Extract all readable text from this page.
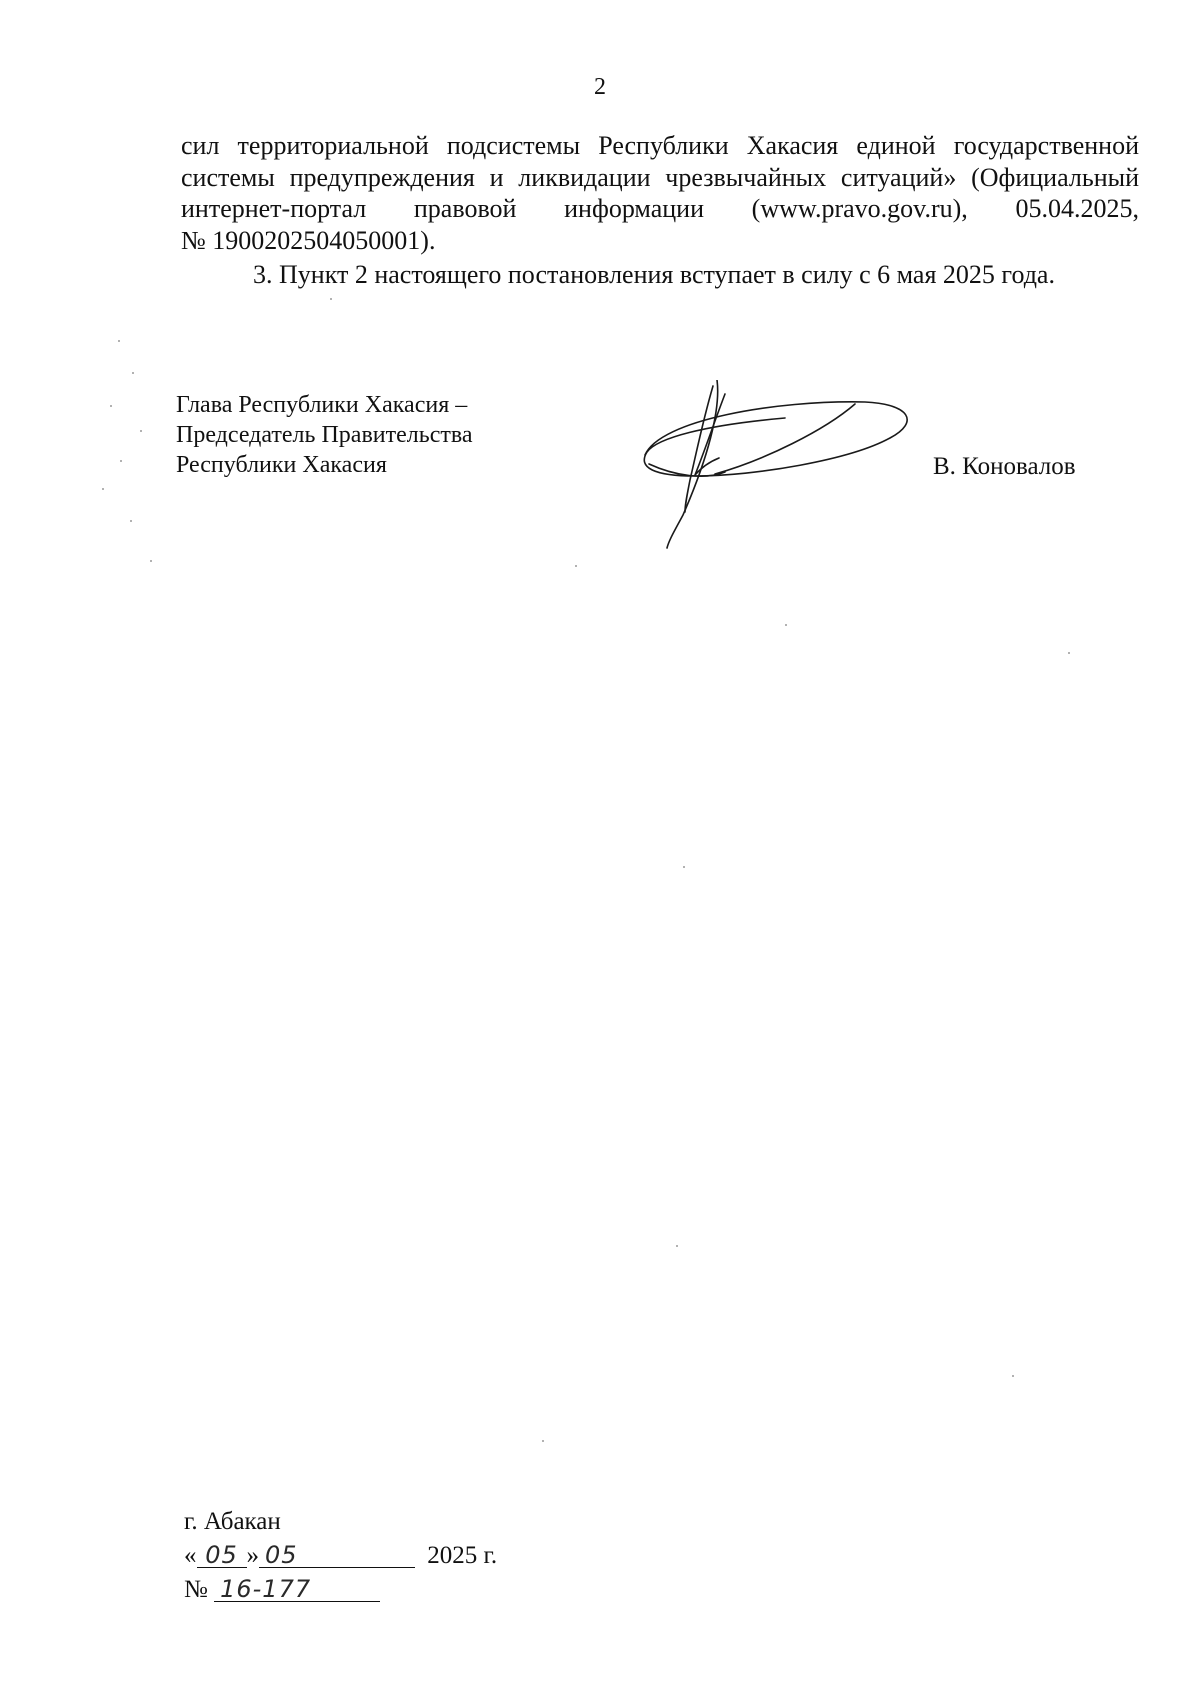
2
сил территориальной подсистемы Республики Хакасия единой государственной
системы предупреждения и ликвидации чрезвычайных ситуаций» (Официальный
интернет-портал правовой информации (www.pravo.gov.ru), 05.04.2025,
№ 1900202504050001).
3. Пункт 2 настоящего постановления вступает в силу с 6 мая 2025 года.
Глава Республики Хакасия –
Председатель Правительства
Республики Хакасия	В. Коновалов
г. Абакан
« 05 » 05	2025 г.
№ 16-177
